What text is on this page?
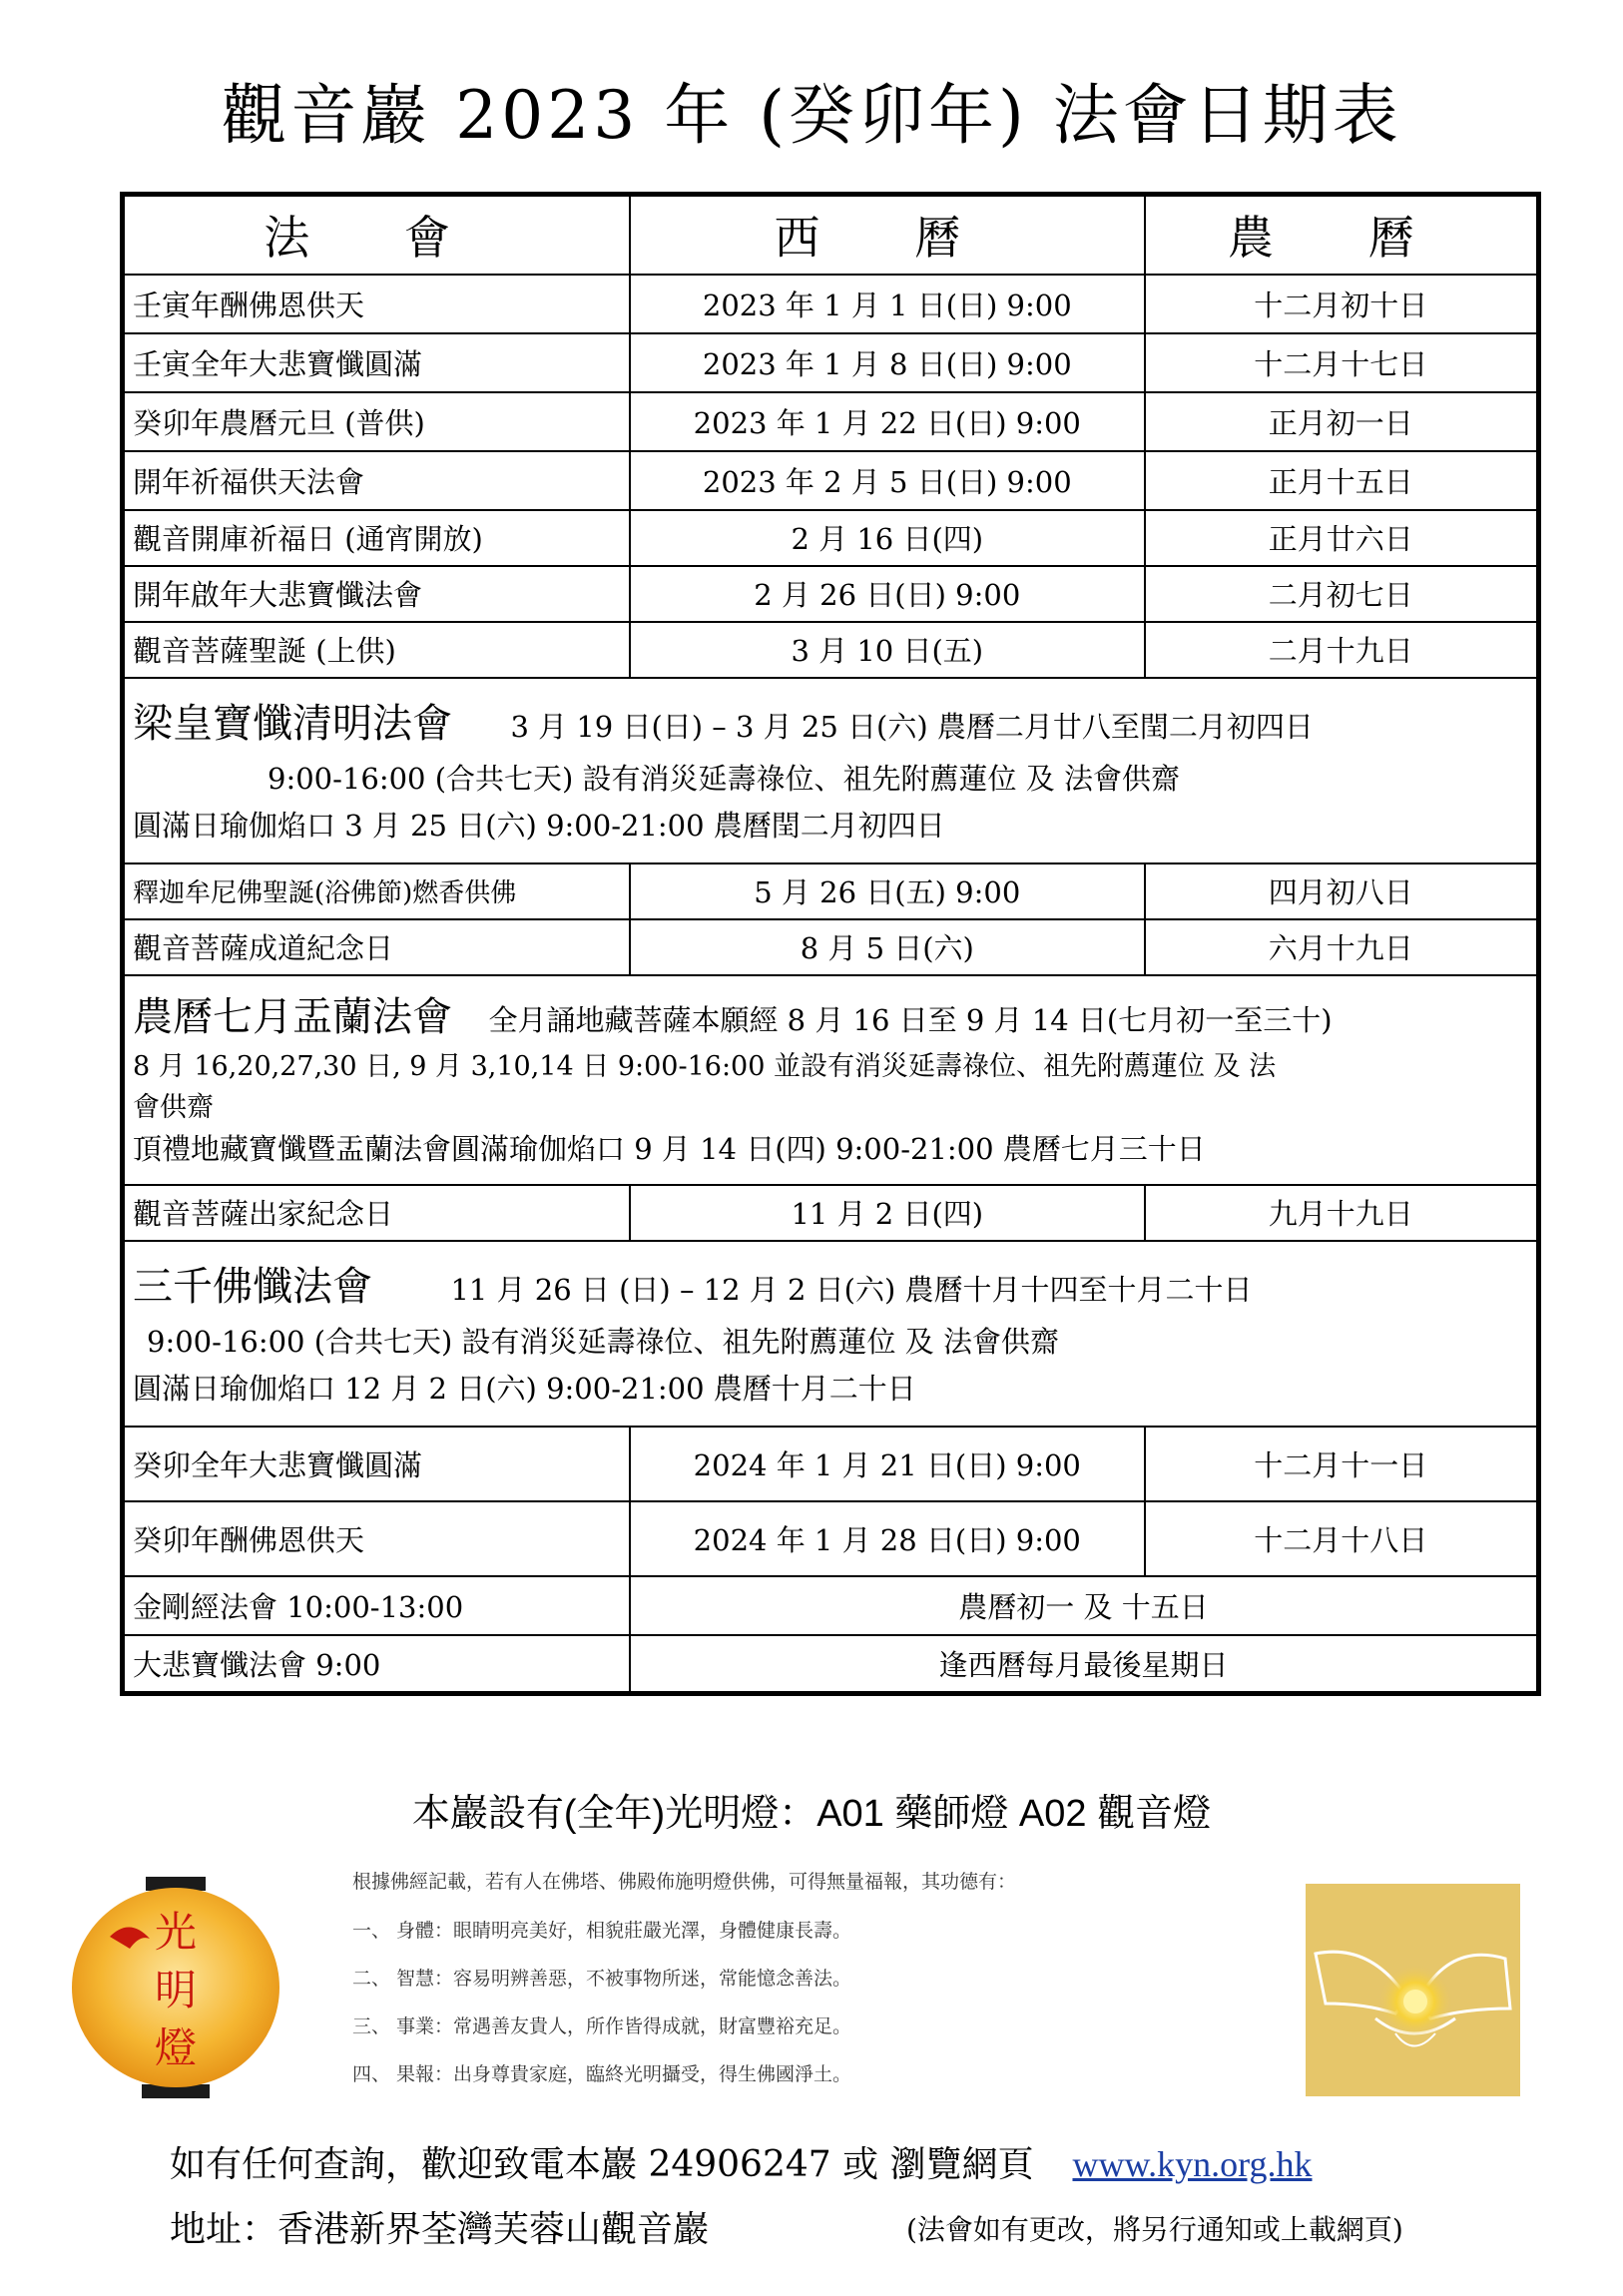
觀音巖 2023 年 (癸卯年) 法會日期表
法 會	西 曆	農 曆
壬寅年酬佛恩供天	2023 年 1 月 1 日(日) 9:00	十二月初十日
壬寅全年大悲寶懺圓滿	2023 年 1 月 8 日(日) 9:00	十二月十七日
癸卯年農曆元旦 (普供)	2023 年 1 月 22 日(日) 9:00	正月初一日
開年祈福供天法會	2023 年 2 月 5 日(日) 9:00	正月十五日
觀音開庫祈福日 (通宵開放)	2 月 16 日(四)	正月廿六日
開年啟年大悲寶懺法會	2 月 26 日(日) 9:00	二月初七日
觀音菩薩聖誕 (上供)	3 月 10 日(五)	二月十九日

梁皇寶懺清明法會 3 月 19 日(日) – 3 月 25 日(六) 農曆二月廿八至閏二月初四日
9:00-16:00 (合共七天) 設有消災延壽祿位、祖先附薦蓮位 及 法會供齋
圓滿日瑜伽焰口 3 月 25 日(六) 9:00-21:00 農曆閏二月初四日		

釋迦牟尼佛聖誕(浴佛節)燃香供佛	5 月 26 日(五) 9:00	四月初八日
觀音菩薩成道紀念日	8 月 5 日(六)	六月十九日

農曆七月盂蘭法會 全月誦地藏菩薩本願經 8 月 16 日至 9 月 14 日(七月初一至三十)
8 月 16,20,27,30 日, 9 月 3,10,14 日 9:00-16:00 並設有消災延壽祿位、祖先附薦蓮位 及 法
會供齋
頂禮地藏寶懺暨盂蘭法會圓滿瑜伽焰口 9 月 14 日(四) 9:00-21:00 農曆七月三十日		

觀音菩薩出家紀念日	11 月 2 日(四)	九月十九日

三千佛懺法會 11 月 26 日 (日) – 12 月 2 日(六) 農曆十月十四至十月二十日
9:00-16:00 (合共七天) 設有消災延壽祿位、祖先附薦蓮位 及 法會供齋
圓滿日瑜伽焰口 12 月 2 日(六) 9:00-21:00 農曆十月二十日		

癸卯全年大悲寶懺圓滿	2024 年 1 月 21 日(日) 9:00	十二月十一日
癸卯年酬佛恩供天	2024 年 1 月 28 日(日) 9:00	十二月十八日
金剛經法會 10:00-13:00	農曆初一 及 十五日	
大悲寶懺法會 9:00	逢西曆每月最後星期日	
本巖設有(全年)光明燈：A01 藥師燈 A02 觀音燈
光
明
燈
根據佛經記載，若有人在佛塔、佛殿佈施明燈供佛，可得無量福報，其功德有：
一、 身體：眼睛明亮美好，相貌莊嚴光澤，身體健康長壽。
二、 智慧：容易明辨善惡，不被事物所迷，常能憶念善法。
三、 事業：常遇善友貴人，所作皆得成就，財富豐裕充足。
四、 果報：出身尊貴家庭，臨終光明攝受，得生佛國淨土。
如有任何查詢，歡迎致電本巖 24906247 或 瀏覽網頁 www.kyn.org.hk
地址：香港新界荃灣芙蓉山觀音巖	(法會如有更改，將另行通知或上載網頁)
